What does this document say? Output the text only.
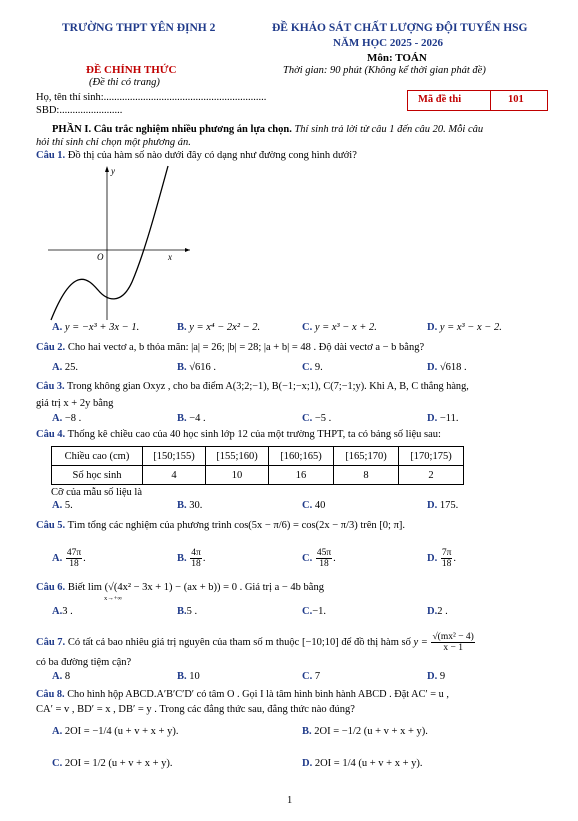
TRƯỜNG THPT YÊN ĐỊNH 2	ĐỀ KHẢO SÁT CHẤT LƯỢNG ĐỘI TUYỂN HSG
NĂM HỌC 2025 - 2026
Môn: TOÁN
ĐỀ CHÍNH THỨC	Thời gian: 90 phút (Không kể thời gian phát đề)
(Đề thi có trang)
Họ, tên thí sinh:..............................................................
SBD:........................
Mã đề thi	101
PHẦN I. Câu trắc nghiệm nhiều phương án lựa chọn. Thí sinh trả lời từ câu 1 đến câu 20. Mỗi câu
hỏi thí sinh chỉ chọn một phương án.
Câu 1. Đồ thị của hàm số nào dưới đây có dạng như đường cong hình dưới?
y
x
O
A. y = −x³ + 3x − 1.	B. y = x⁴ − 2x² − 2.	C. y = x³ − x + 2.	D. y = x³ − x − 2.
Câu 2. Cho hai vectơ a, b thỏa mãn: |a| = 26; |b| = 28; |a + b| = 48 . Độ dài vectơ a − b bằng?
A. 25.	B. √616 .	C. 9.	D. √618 .
Câu 3. Trong không gian Oxyz , cho ba điểm A(3;2;−1), B(−1;−x;1), C(7;−1;y). Khi A, B, C thẳng hàng,
giá trị x + 2y bằng
A. −8 .	B. −4 .	C. −5 .	D. −11.
Câu 4. Thống kê chiều cao của 40 học sinh lớp 12 của một trường THPT, ta có bảng số liệu sau:
Chiều cao (cm)	[150;155)	[155;160)	[160;165)	[165;170)	[170;175)
Số học sinh	4	10	16	8	2
Cỡ của mẫu số liệu là
A. 5.	B. 30.	C. 40	D. 175.
Câu 5. Tìm tổng các nghiệm của phương trình cos(5x − π/6) = cos(2x − π/3) trên [0; π].
A. $\frac{47\pi}{18}$ .	B. $\frac{4\pi}{18}$ .	C. $\frac{45\pi}{18}$ .	D. $\frac{7\pi}{18}$ .
Câu 6. Biết lim (√(4x² − 3x + 1) − (ax + b)) = 0 . Giá trị a − 4b bằng
x→+∞
A.3 .	B.5 .	C.−1.	D.2 .
Câu 7. Có tất cả bao nhiêu giá trị nguyên của tham số m thuộc [−10;10] để đồ thị hàm số $y = \frac{\text{√(mx² − 4)}}{x - 1}$
có ba đường tiệm cận?
A. 8	B. 10	C. 7	D. 9
Câu 8. Cho hình hộp ABCD.A′B′C′D′ có tâm O . Gọi I là tâm hình bình hành ABCD . Đặt AC′ = u ,
CA′ = v , BD′ = x , DB′ = y . Trong các đẳng thức sau, đẳng thức nào đúng?
A. 2OI = −1/4 (u + v + x + y).	B. 2OI = −1/2 (u + v + x + y).
C. 2OI = 1/2 (u + v + x + y).	D. 2OI = 1/4 (u + v + x + y).
1
